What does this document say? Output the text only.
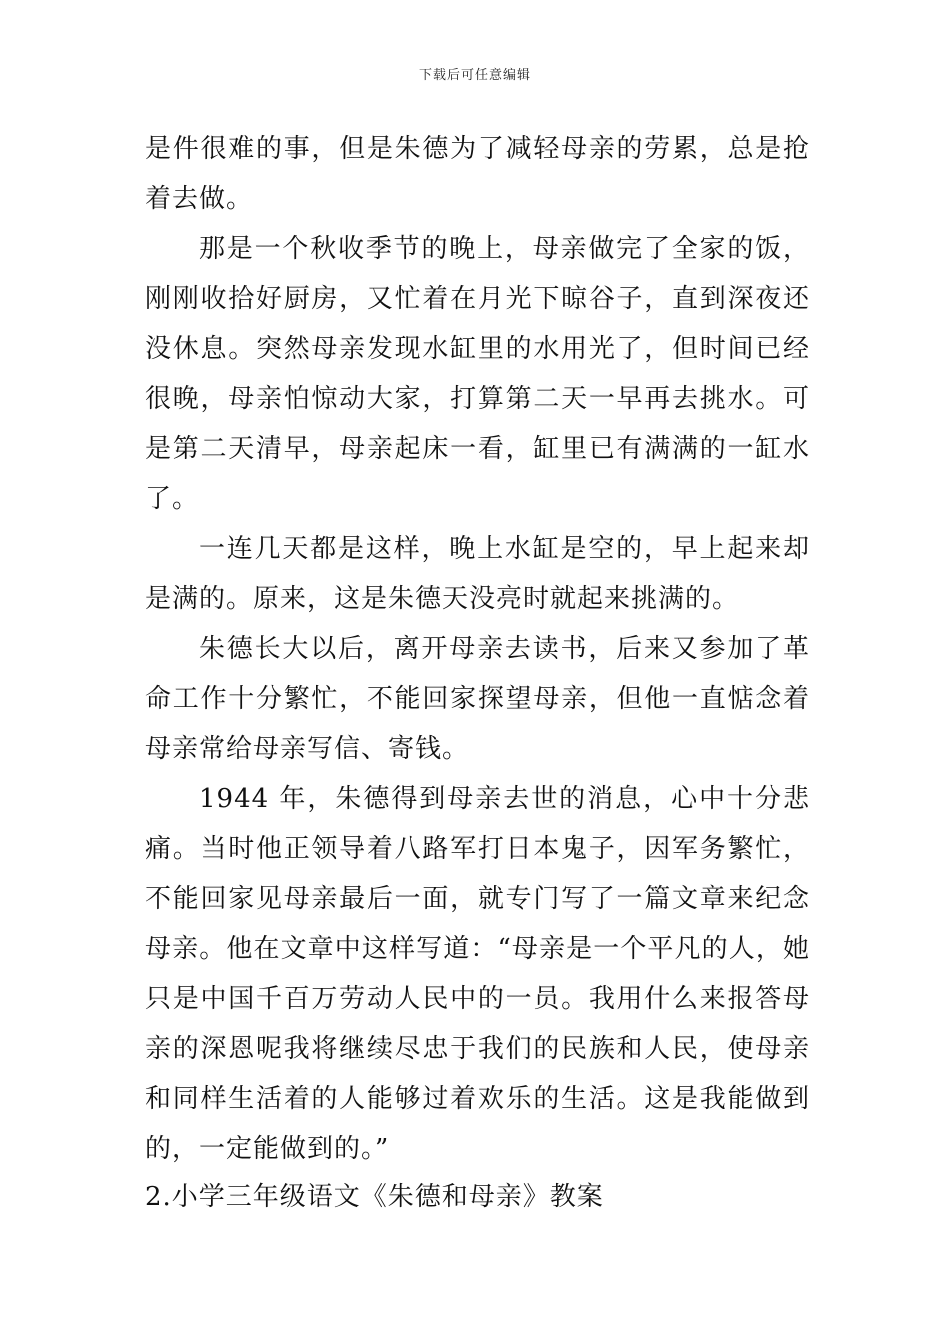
下载后可任意编辑

是件很难的事，但是朱德为了减轻母亲的劳累，总是抢着去做。

那是一个秋收季节的晚上，母亲做完了全家的饭，刚刚收拾好厨房，又忙着在月光下晾谷子，直到深夜还没休息。突然母亲发现水缸里的水用光了，但时间已经很晚，母亲怕惊动大家，打算第二天一早再去挑水。可是第二天清早，母亲起床一看，缸里已有满满的一缸水了。

一连几天都是这样，晚上水缸是空的，早上起来却是满的。原来，这是朱德天没亮时就起来挑满的。

朱德长大以后，离开母亲去读书，后来又参加了革命工作十分繁忙，不能回家探望母亲，但他一直惦念着母亲常给母亲写信、寄钱。

1944 年，朱德得到母亲去世的消息，心中十分悲痛。当时他正领导着八路军打日本鬼子，因军务繁忙，不能回家见母亲最后一面，就专门写了一篇文章来纪念母亲。他在文章中这样写道：“母亲是一个平凡的人，她只是中国千百万劳动人民中的一员。我用什么来报答母亲的深恩呢我将继续尽忠于我们的民族和人民，使母亲和同样生活着的人能够过着欢乐的生活。这是我能做到的，一定能做到的。”

2.小学三年级语文《朱德和母亲》教案
